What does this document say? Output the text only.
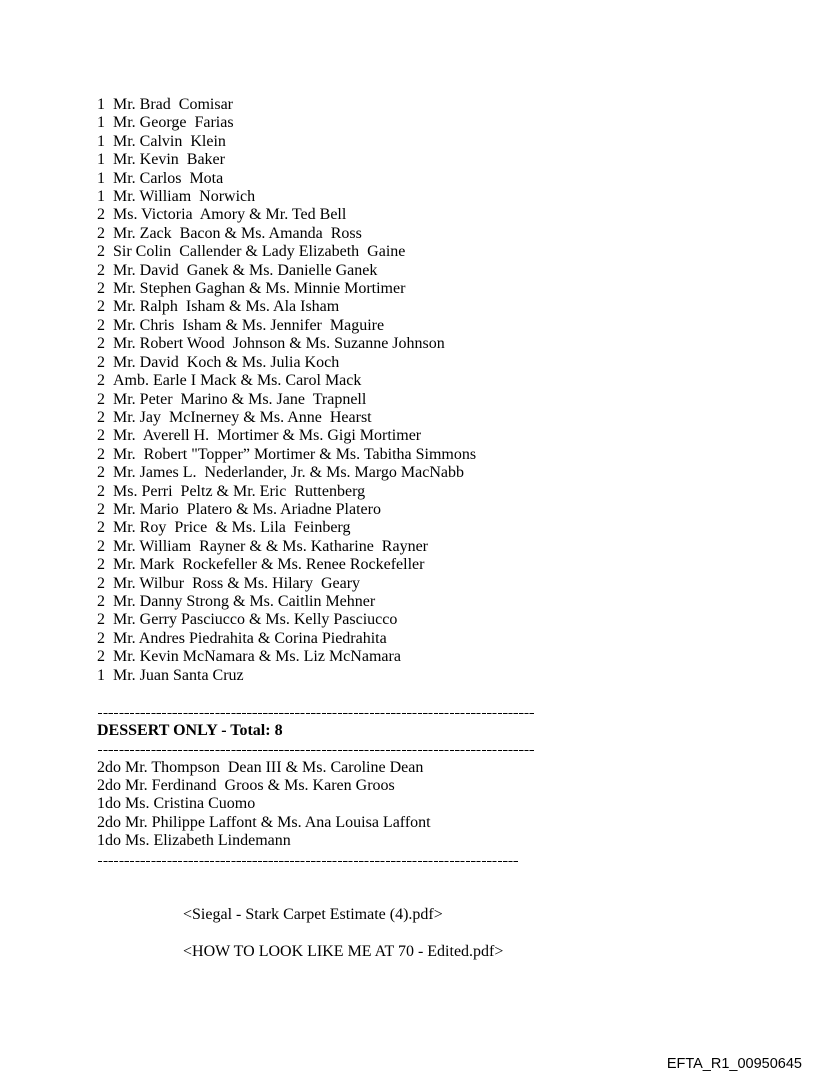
1 Mr. Brad  Comisar
1 Mr. George  Farias
1 Mr. Calvin  Klein
1 Mr. Kevin  Baker
1 Mr. Carlos  Mota
1 Mr. William  Norwich
2 Ms. Victoria  Amory & Mr. Ted Bell
2 Mr. Zack  Bacon & Ms. Amanda  Ross
2 Sir Colin  Callender & Lady Elizabeth  Gaine
2 Mr. David  Ganek & Ms. Danielle Ganek
2 Mr. Stephen Gaghan & Ms. Minnie Mortimer
2 Mr. Ralph  Isham & Ms. Ala Isham
2 Mr. Chris  Isham & Ms. Jennifer  Maguire
2 Mr. Robert Wood  Johnson & Ms. Suzanne Johnson
2 Mr. David  Koch & Ms. Julia Koch
2 Amb. Earle I Mack & Ms. Carol Mack
2 Mr. Peter  Marino & Ms. Jane  Trapnell
2 Mr. Jay  McInerney & Ms. Anne  Hearst
2 Mr.  Averell H.  Mortimer & Ms. Gigi Mortimer
2 Mr.  Robert "Topper” Mortimer & Ms. Tabitha Simmons
2 Mr. James L.  Nederlander, Jr. & Ms. Margo MacNabb
2 Ms. Perri  Peltz & Mr. Eric  Ruttenberg
2 Mr. Mario  Platero & Ms. Ariadne Platero
2 Mr. Roy  Price  & Ms. Lila  Feinberg
2 Mr. William  Rayner & & Ms. Katharine  Rayner
2 Mr. Mark  Rockefeller & Ms. Renee Rockefeller
2 Mr. Wilbur  Ross & Ms. Hilary  Geary
2 Mr. Danny Strong & Ms. Caitlin Mehner
2 Mr. Gerry Pasciucco & Ms. Kelly Pasciucco
2 Mr. Andres Piedrahita & Corina Piedrahita
2 Mr. Kevin McNamara & Ms. Liz McNamara
1 Mr. Juan Santa Cruz
DESSERT ONLY - Total: 8
2do Mr. Thompson  Dean III & Ms. Caroline Dean
2do Mr. Ferdinand  Groos & Ms. Karen Groos
1do Ms. Cristina Cuomo
2do Mr. Philippe Laffont & Ms. Ana Louisa Laffont
1do Ms. Elizabeth Lindemann
<Siegal - Stark Carpet Estimate (4).pdf>
<HOW TO LOOK LIKE ME AT 70 - Edited.pdf>
EFTA_R1_00950645
